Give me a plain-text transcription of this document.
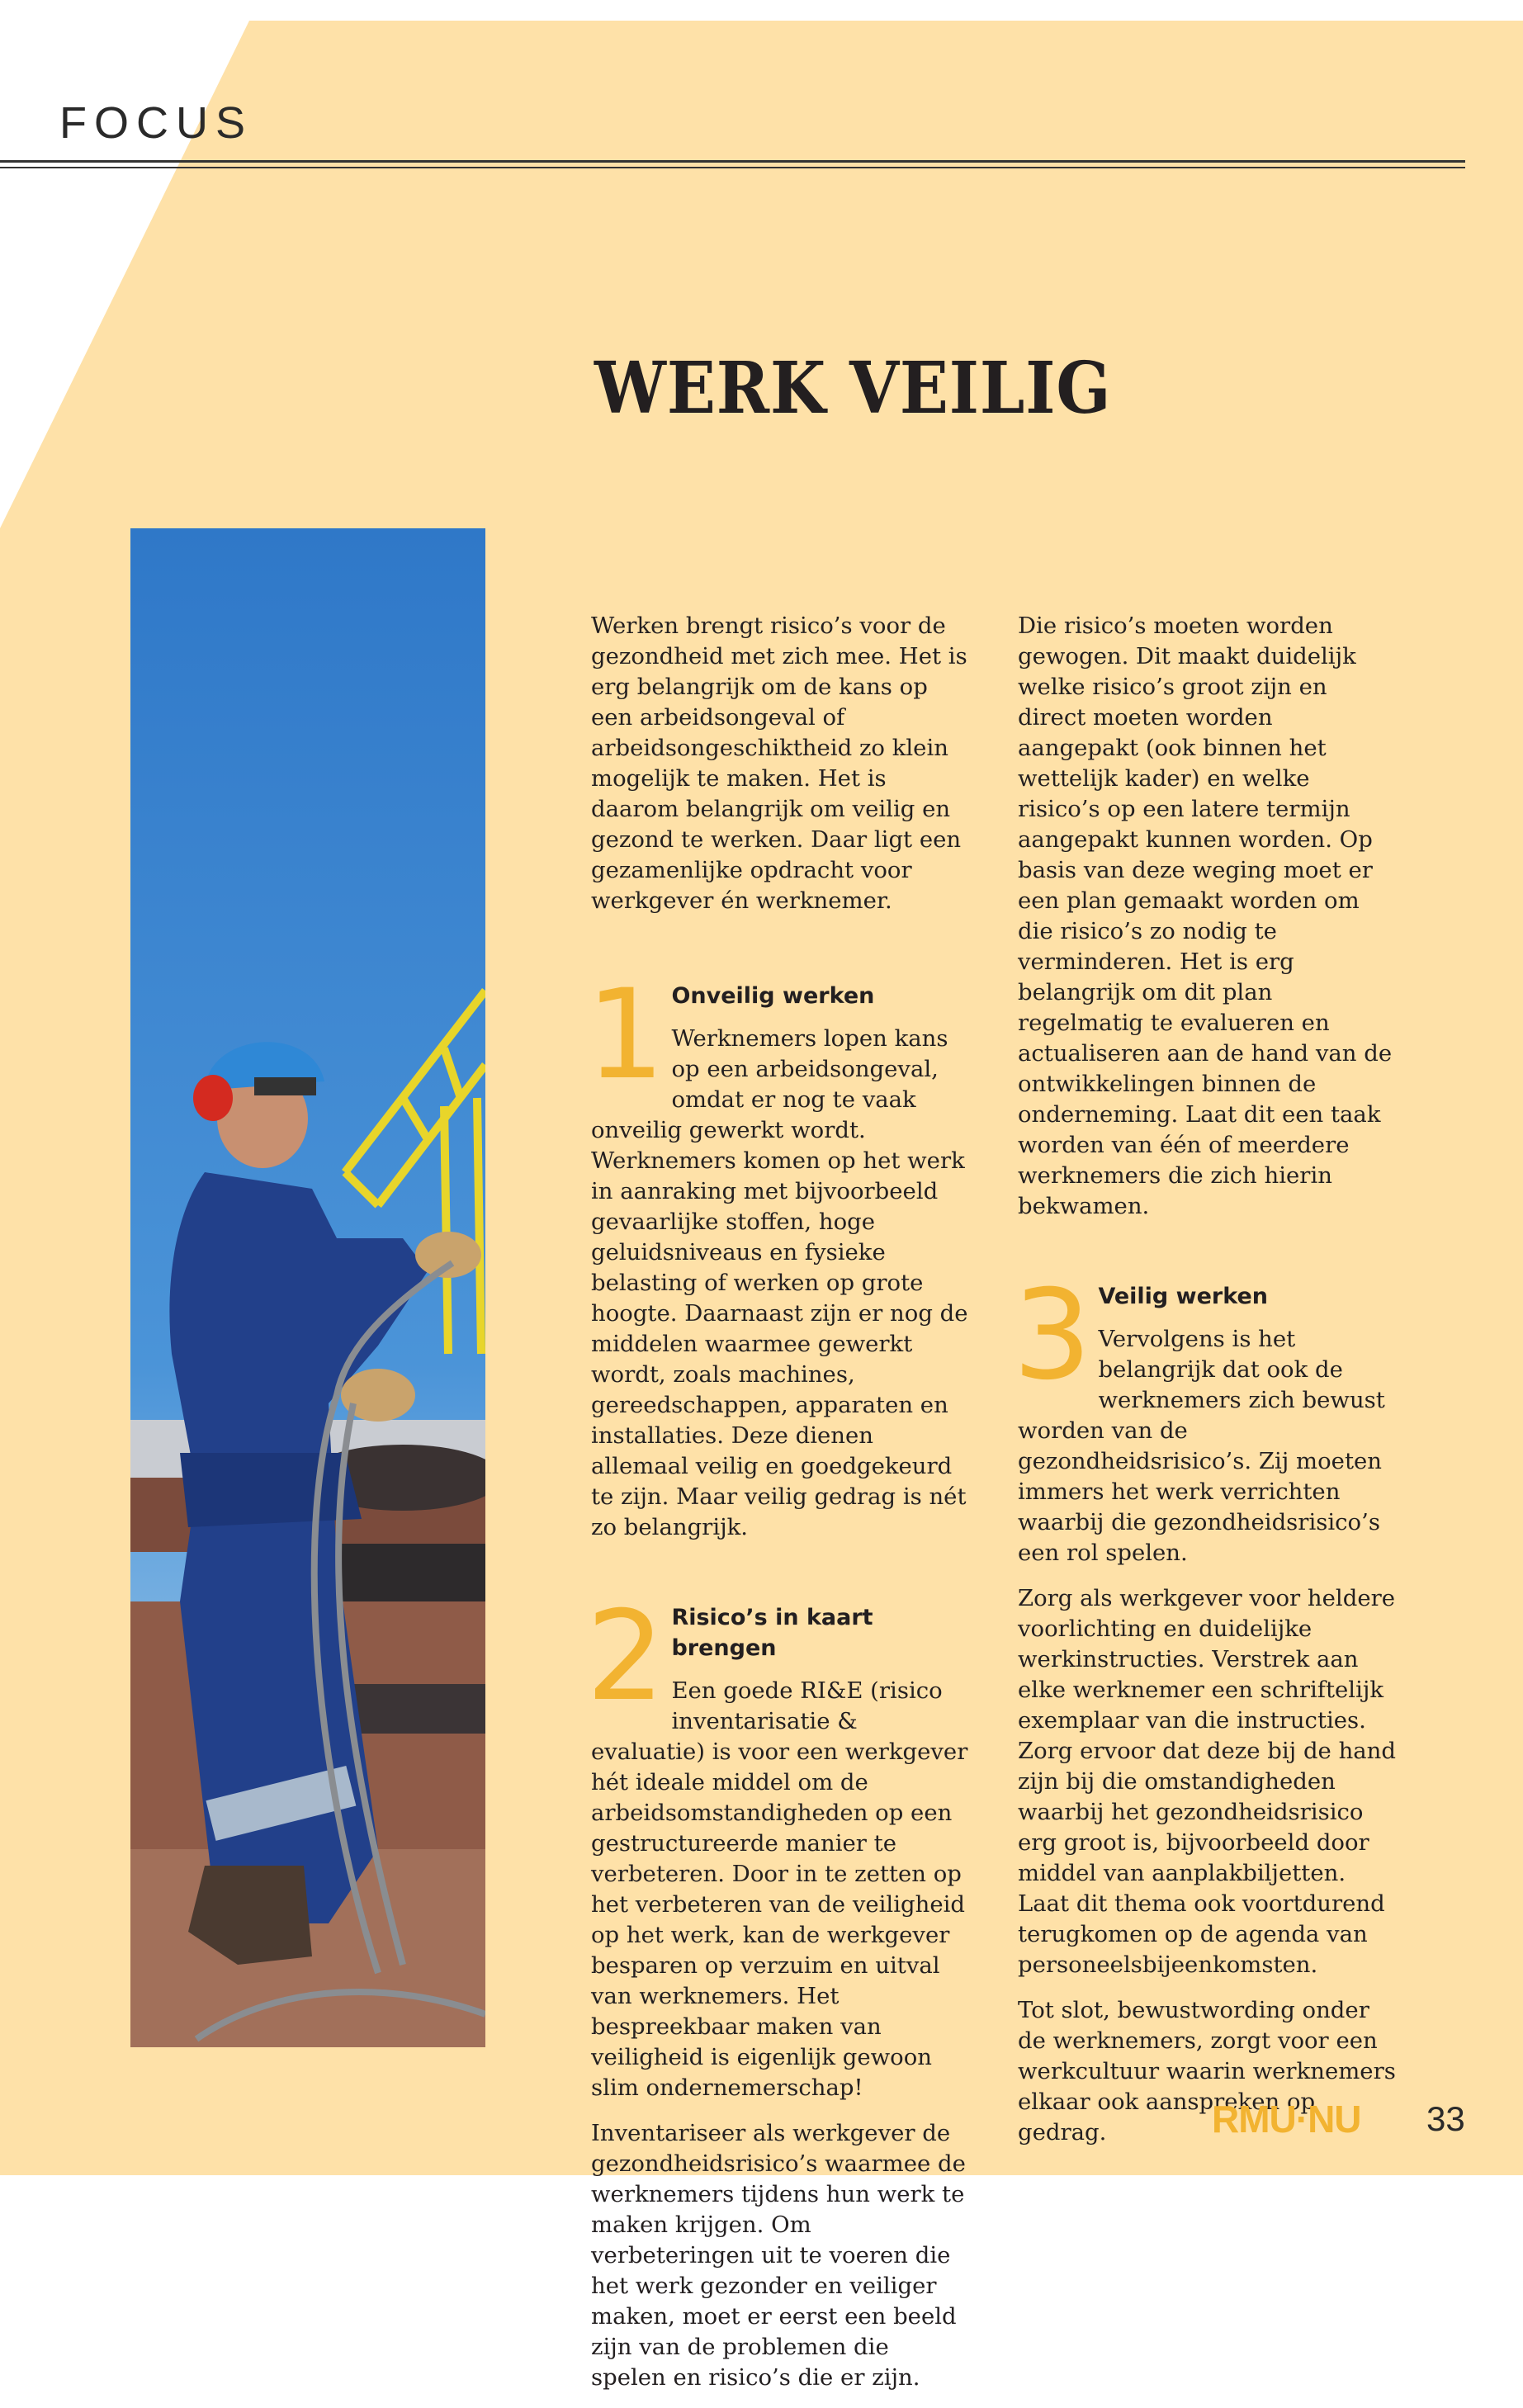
FOCUS
WERK VEILIG

Werken brengt risico’s voor de gezondheid met zich mee. Het is erg belangrijk om de kans op een arbeidsongeval of arbeidsongeschiktheid zo klein mogelijk te maken. Het is daarom belangrijk om veilig en gezond te werken. Daar ligt een gezamenlijke opdracht voor werkgever én werknemer.

1 Onveilig werken

Werknemers lopen kans op een arbeidsongeval, omdat er nog te vaak onveilig gewerkt wordt. Werknemers komen op het werk in aanraking met bijvoorbeeld gevaarlijke stoffen, hoge geluidsniveaus en fysieke belasting of werken op grote hoogte. Daarnaast zijn er nog de middelen waarmee gewerkt wordt, zoals machines, gereedschappen, apparaten en installaties. Deze dienen allemaal veilig en goedgekeurd te zijn. Maar veilig gedrag is nét zo belangrijk.

2 Risico’s in kaart brengen

Een goede RI&E (risico inventarisatie & evaluatie) is voor een werkgever hét ideale middel om de arbeidsomstandigheden op een gestructureerde manier te verbeteren. Door in te zetten op het verbeteren van de veiligheid op het werk, kan de werkgever besparen op verzuim en uitval van werknemers. Het bespreekbaar maken van veiligheid is eigenlijk gewoon slim ondernemerschap!

Inventariseer als werkgever de gezondheidsrisico’s waarmee de werknemers tijdens hun werk te maken krijgen. Om verbeteringen uit te voeren die het werk gezonder en veiliger maken, moet er eerst een beeld zijn van de problemen die spelen en risico’s die er zijn.

Die risico’s moeten worden gewogen. Dit maakt duidelijk welke risico’s groot zijn en direct moeten worden aangepakt (ook binnen het wettelijk kader) en welke risico’s op een latere termijn aangepakt kunnen worden. Op basis van deze weging moet er een plan gemaakt worden om die risico’s zo nodig te verminderen. Het is erg belangrijk om dit plan regelmatig te evalueren en actualiseren aan de hand van de ontwikkelingen binnen de onderneming. Laat dit een taak worden van één of meerdere werknemers die zich hierin bekwamen.

3 Veilig werken

Vervolgens is het belangrijk dat ook de werknemers zich bewust worden van de gezondheidsrisico’s. Zij moeten immers het werk verrichten waarbij die gezondheidsrisico’s een rol spelen.

Zorg als werkgever voor heldere voorlichting en duidelijke werkinstructies. Verstrek aan elke werknemer een schriftelijk exemplaar van die instructies. Zorg ervoor dat deze bij de hand zijn bij die omstandigheden waarbij het gezondheidsrisico erg groot is, bijvoorbeeld door middel van aanplakbiljetten. Laat dit thema ook voortdurend terugkomen op de agenda van personeelsbijeenkomsten.

Tot slot, bewustwording onder de werknemers, zorgt voor een werkcultuur waarin werknemers elkaar ook aanspreken op gedrag.	RMU·NU 33
